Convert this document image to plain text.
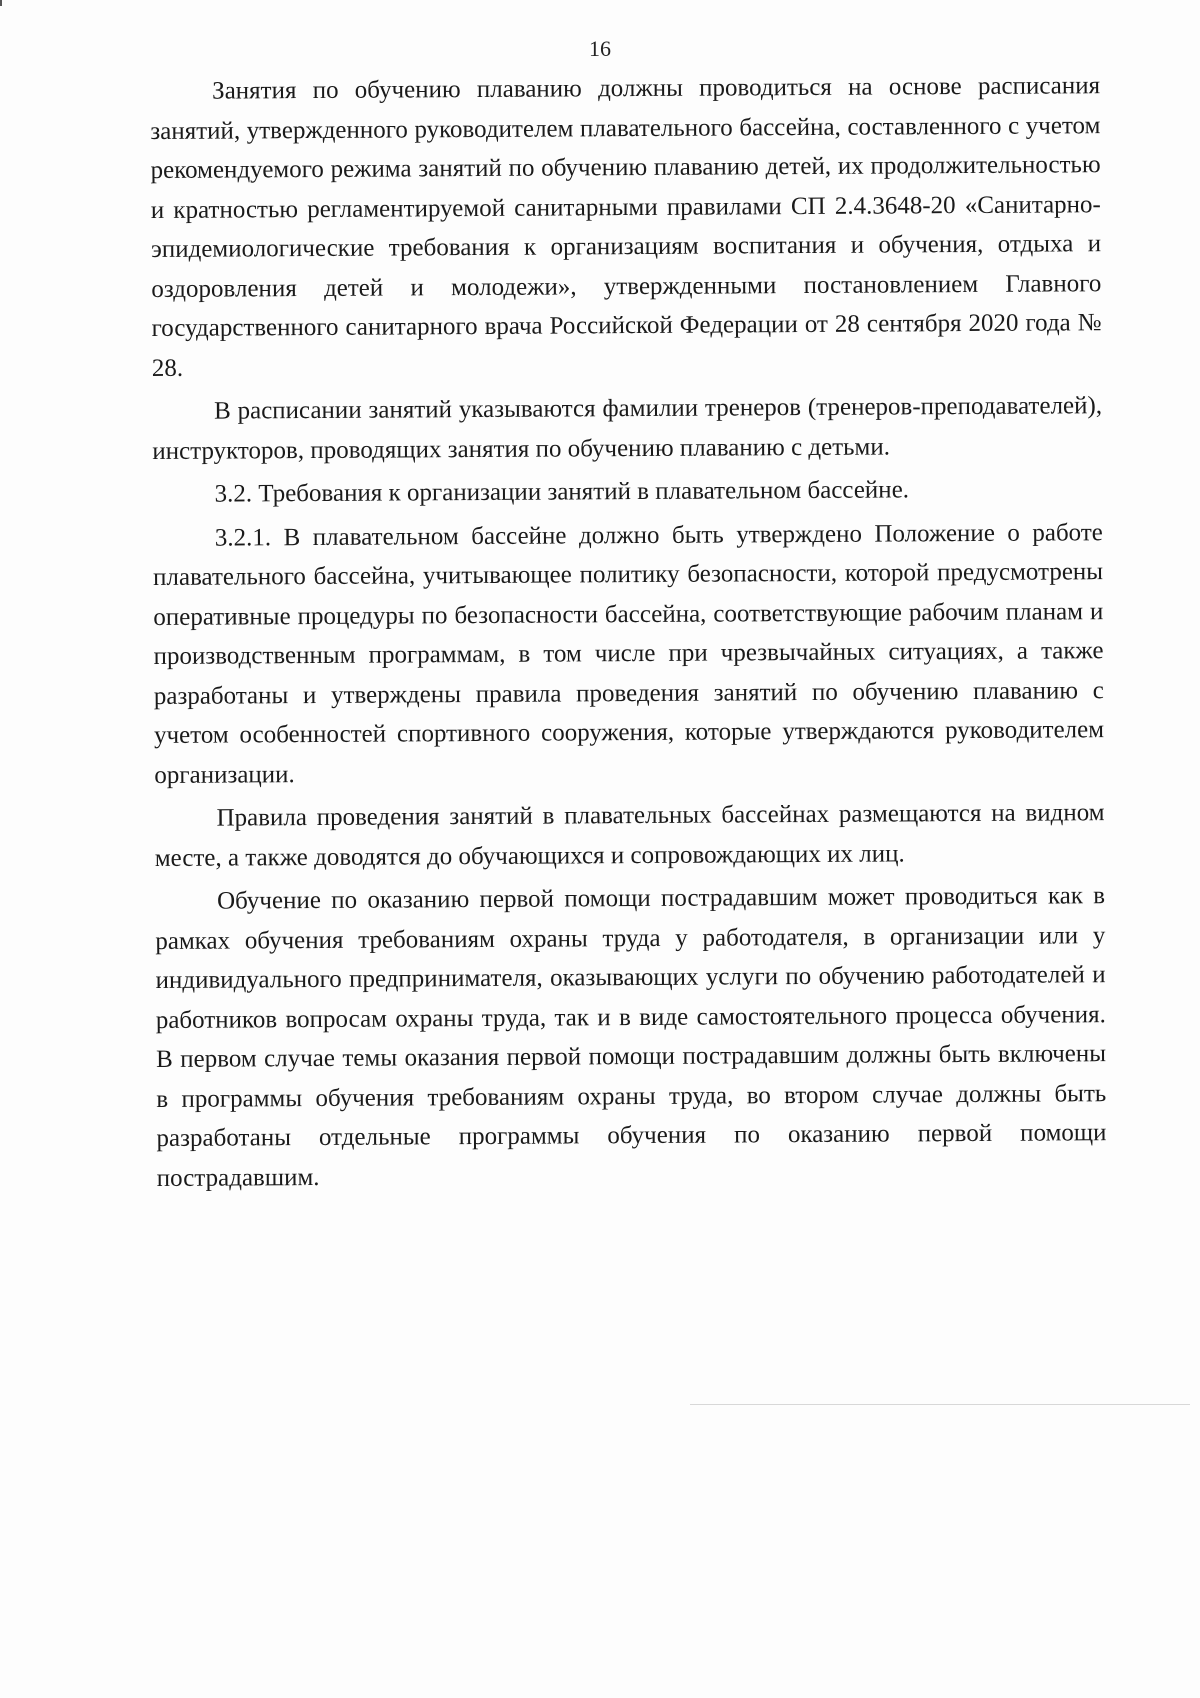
16

Занятия по обучению плаванию должны проводиться на основе расписания занятий, утвержденного руководителем плавательного бассейна, составленного с учетом рекомендуемого режима занятий по обучению плаванию детей, их продолжительностью и кратностью регламентируемой санитарными правилами СП 2.4.3648-20 «Санитарно-эпидемиологические требования к организациям воспитания и обучения, отдыха и оздоровления детей и молодежи», утвержденными постановлением Главного государственного санитарного врача Российской Федерации от 28 сентября 2020 года № 28.

В расписании занятий указываются фамилии тренеров (тренеров-преподавателей), инструкторов, проводящих занятия по обучению плаванию с детьми.

3.2. Требования к организации занятий в плавательном бассейне.

3.2.1. В плавательном бассейне должно быть утверждено Положение о работе плавательного бассейна, учитывающее политику безопасности, которой предусмотрены оперативные процедуры по безопасности бассейна, соответствующие рабочим планам и производственным программам, в том числе при чрезвычайных ситуациях, а также разработаны и утверждены правила проведения занятий по обучению плаванию с учетом особенностей спортивного сооружения, которые утверждаются руководителем организации.

Правила проведения занятий в плавательных бассейнах размещаются на видном месте, а также доводятся до обучающихся и сопровождающих их лиц.

Обучение по оказанию первой помощи пострадавшим может проводиться как в рамках обучения требованиям охраны труда у работодателя, в организации или у индивидуального предпринимателя, оказывающих услуги по обучению работодателей и работников вопросам охраны труда, так и в виде самостоятельного процесса обучения. В первом случае темы оказания первой помощи пострадавшим должны быть включены в программы обучения требованиям охраны труда, во втором случае должны быть разработаны отдельные программы обучения по оказанию первой помощи пострадавшим.
